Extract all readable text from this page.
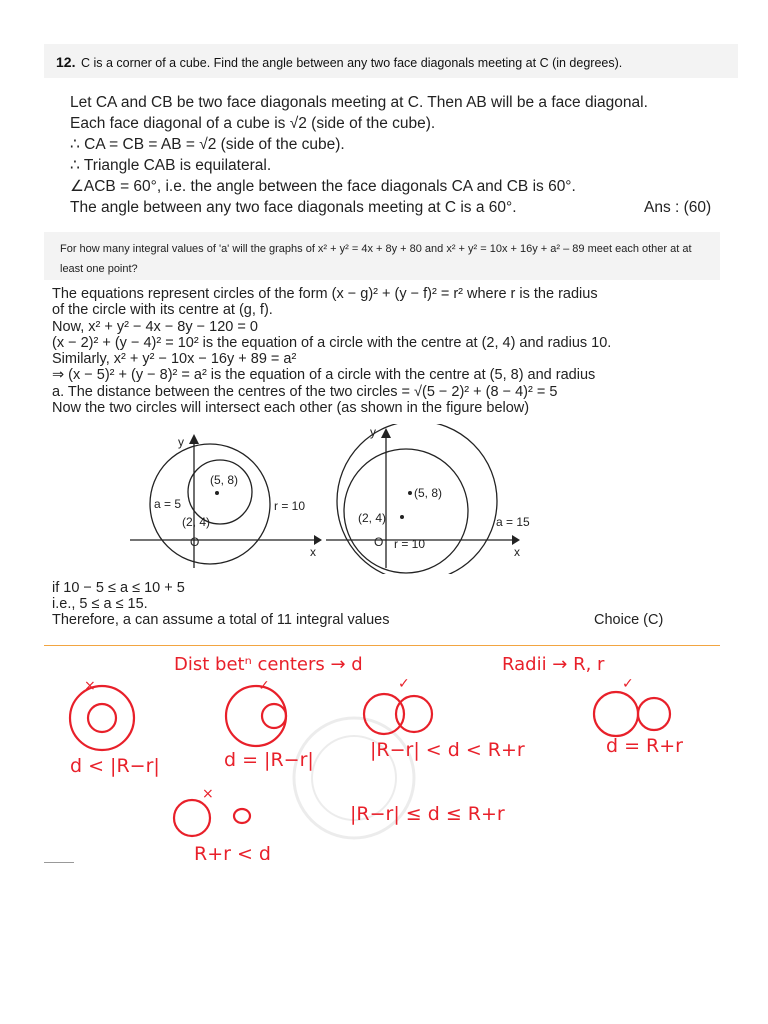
12. C is a corner of a cube. Find the angle between any two face diagonals meeting at C (in degrees).
Let CA and CB be two face diagonals meeting at C. Then AB will be a face diagonal.
Each face diagonal of a cube is √2 (side of the cube).
∴ CA = CB = AB = √2 (side of the cube).
∴ Triangle CAB is equilateral.
∠ACB = 60°, i.e. the angle between the face diagonals CA and CB is 60°.
The angle between any two face diagonals meeting at C is a 60°.	Ans : (60)
For how many integral values of 'a' will the graphs of x² + y² = 4x + 8y + 80 and x² + y² = 10x + 16y + a² – 89 meet each other at at least one point?
The equations represent circles of the form (x − g)² + (y − f)² = r² where r is the radius
of the circle with its centre at (g, f).
Now, x² + y² − 4x − 8y − 120 = 0
(x − 2)² + (y − 4)² = 10² is the equation of a circle with the centre at (2, 4) and radius 10.
Similarly, x² + y² − 10x − 16y + 89 = a²
⇒ (x − 5)² + (y − 8)² = a² is the equation of a circle with the centre at (5, 8) and radius
a. The distance between the centres of the two circles = √(5 − 2)² + (8 − 4)² = 5
Now the two circles will intersect each other (as shown in the figure below)
y
x
O
(5, 8)
(2, 4)
a = 5	r = 10
y
x
O
(5, 8)
(2, 4)	a = 15
r = 10
if 10 − 5 ≤ a ≤ 10 + 5
i.e., 5 ≤ a ≤ 15.
Therefore, a can assume a total of 11 integral values	Choice (C)
Dist betⁿ centers → d	Radii → R, r
×
d < |R−r|
✓
d = |R−r|
✓
|R−r| < d < R+r
✓
d = R+r
×
R+r < d
|R−r| ≤ d ≤ R+r
